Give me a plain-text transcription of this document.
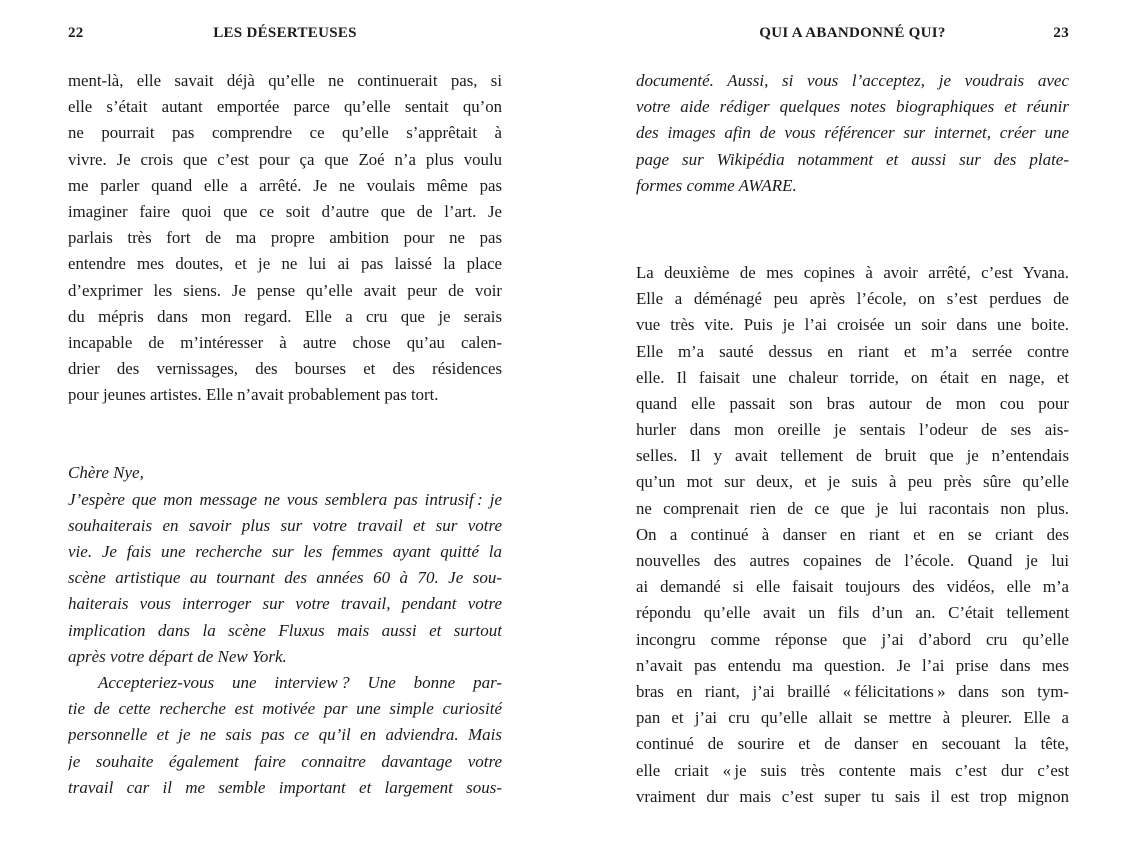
22	LES DÉSERTEUSES
ment-là, elle savait déjà qu’elle ne continuerait pas, si
elle s’était autant emportée parce qu’elle sentait qu’on
ne pourrait pas comprendre ce qu’elle s’apprêtait à
vivre. Je crois que c’est pour ça que Zoé n’a plus voulu
me parler quand elle a arrêté. Je ne voulais même pas
imaginer faire quoi que ce soit d’autre que de l’art. Je
parlais très fort de ma propre ambition pour ne pas
entendre mes doutes, et je ne lui ai pas laissé la place
d’exprimer les siens. Je pense qu’elle avait peur de voir
du mépris dans mon regard. Elle a cru que je serais
incapable de m’intéresser à autre chose qu’au calen-
drier des vernissages, des bourses et des résidences
pour jeunes artistes. Elle n’avait probablement pas tort.
Chère Nye,
J’espère que mon message ne vous semblera pas intrusif : je
souhaiterais en savoir plus sur votre travail et sur votre
vie. Je fais une recherche sur les femmes ayant quitté la
scène artistique au tournant des années 60 à 70. Je sou-
haiterais vous interroger sur votre travail, pendant votre
implication dans la scène Fluxus mais aussi et surtout
après votre départ de New York.
Accepteriez-vous une interview ? Une bonne par-
tie de cette recherche est motivée par une simple curiosité
personnelle et je ne sais pas ce qu’il en adviendra. Mais
je souhaite également faire connaitre davantage votre
travail car il me semble important et largement sous-
QUI A ABANDONNÉ QUI?	23
documenté. Aussi, si vous l’acceptez, je voudrais avec
votre aide rédiger quelques notes biographiques et réunir
des images afin de vous référencer sur internet, créer une
page sur Wikipédia notamment et aussi sur des plate-
formes comme AWARE.
La deuxième de mes copines à avoir arrêté, c’est Yvana.
Elle a déménagé peu après l’école, on s’est perdues de
vue très vite. Puis je l’ai croisée un soir dans une boite.
Elle m’a sauté dessus en riant et m’a serrée contre
elle. Il faisait une chaleur torride, on était en nage, et
quand elle passait son bras autour de mon cou pour
hurler dans mon oreille je sentais l’odeur de ses ais-
selles. Il y avait tellement de bruit que je n’entendais
qu’un mot sur deux, et je suis à peu près sûre qu’elle
ne comprenait rien de ce que je lui racontais non plus.
On a continué à danser en riant et en se criant des
nouvelles des autres copaines de l’école. Quand je lui
ai demandé si elle faisait toujours des vidéos, elle m’a
répondu qu’elle avait un fils d’un an. C’était tellement
incongru comme réponse que j’ai d’abord cru qu’elle
n’avait pas entendu ma question. Je l’ai prise dans mes
bras en riant, j’ai braillé « félicitations » dans son tym-
pan et j’ai cru qu’elle allait se mettre à pleurer. Elle a
continué de sourire et de danser en secouant la tête,
elle criait « je suis très contente mais c’est dur c’est
vraiment dur mais c’est super tu sais il est trop mignon
